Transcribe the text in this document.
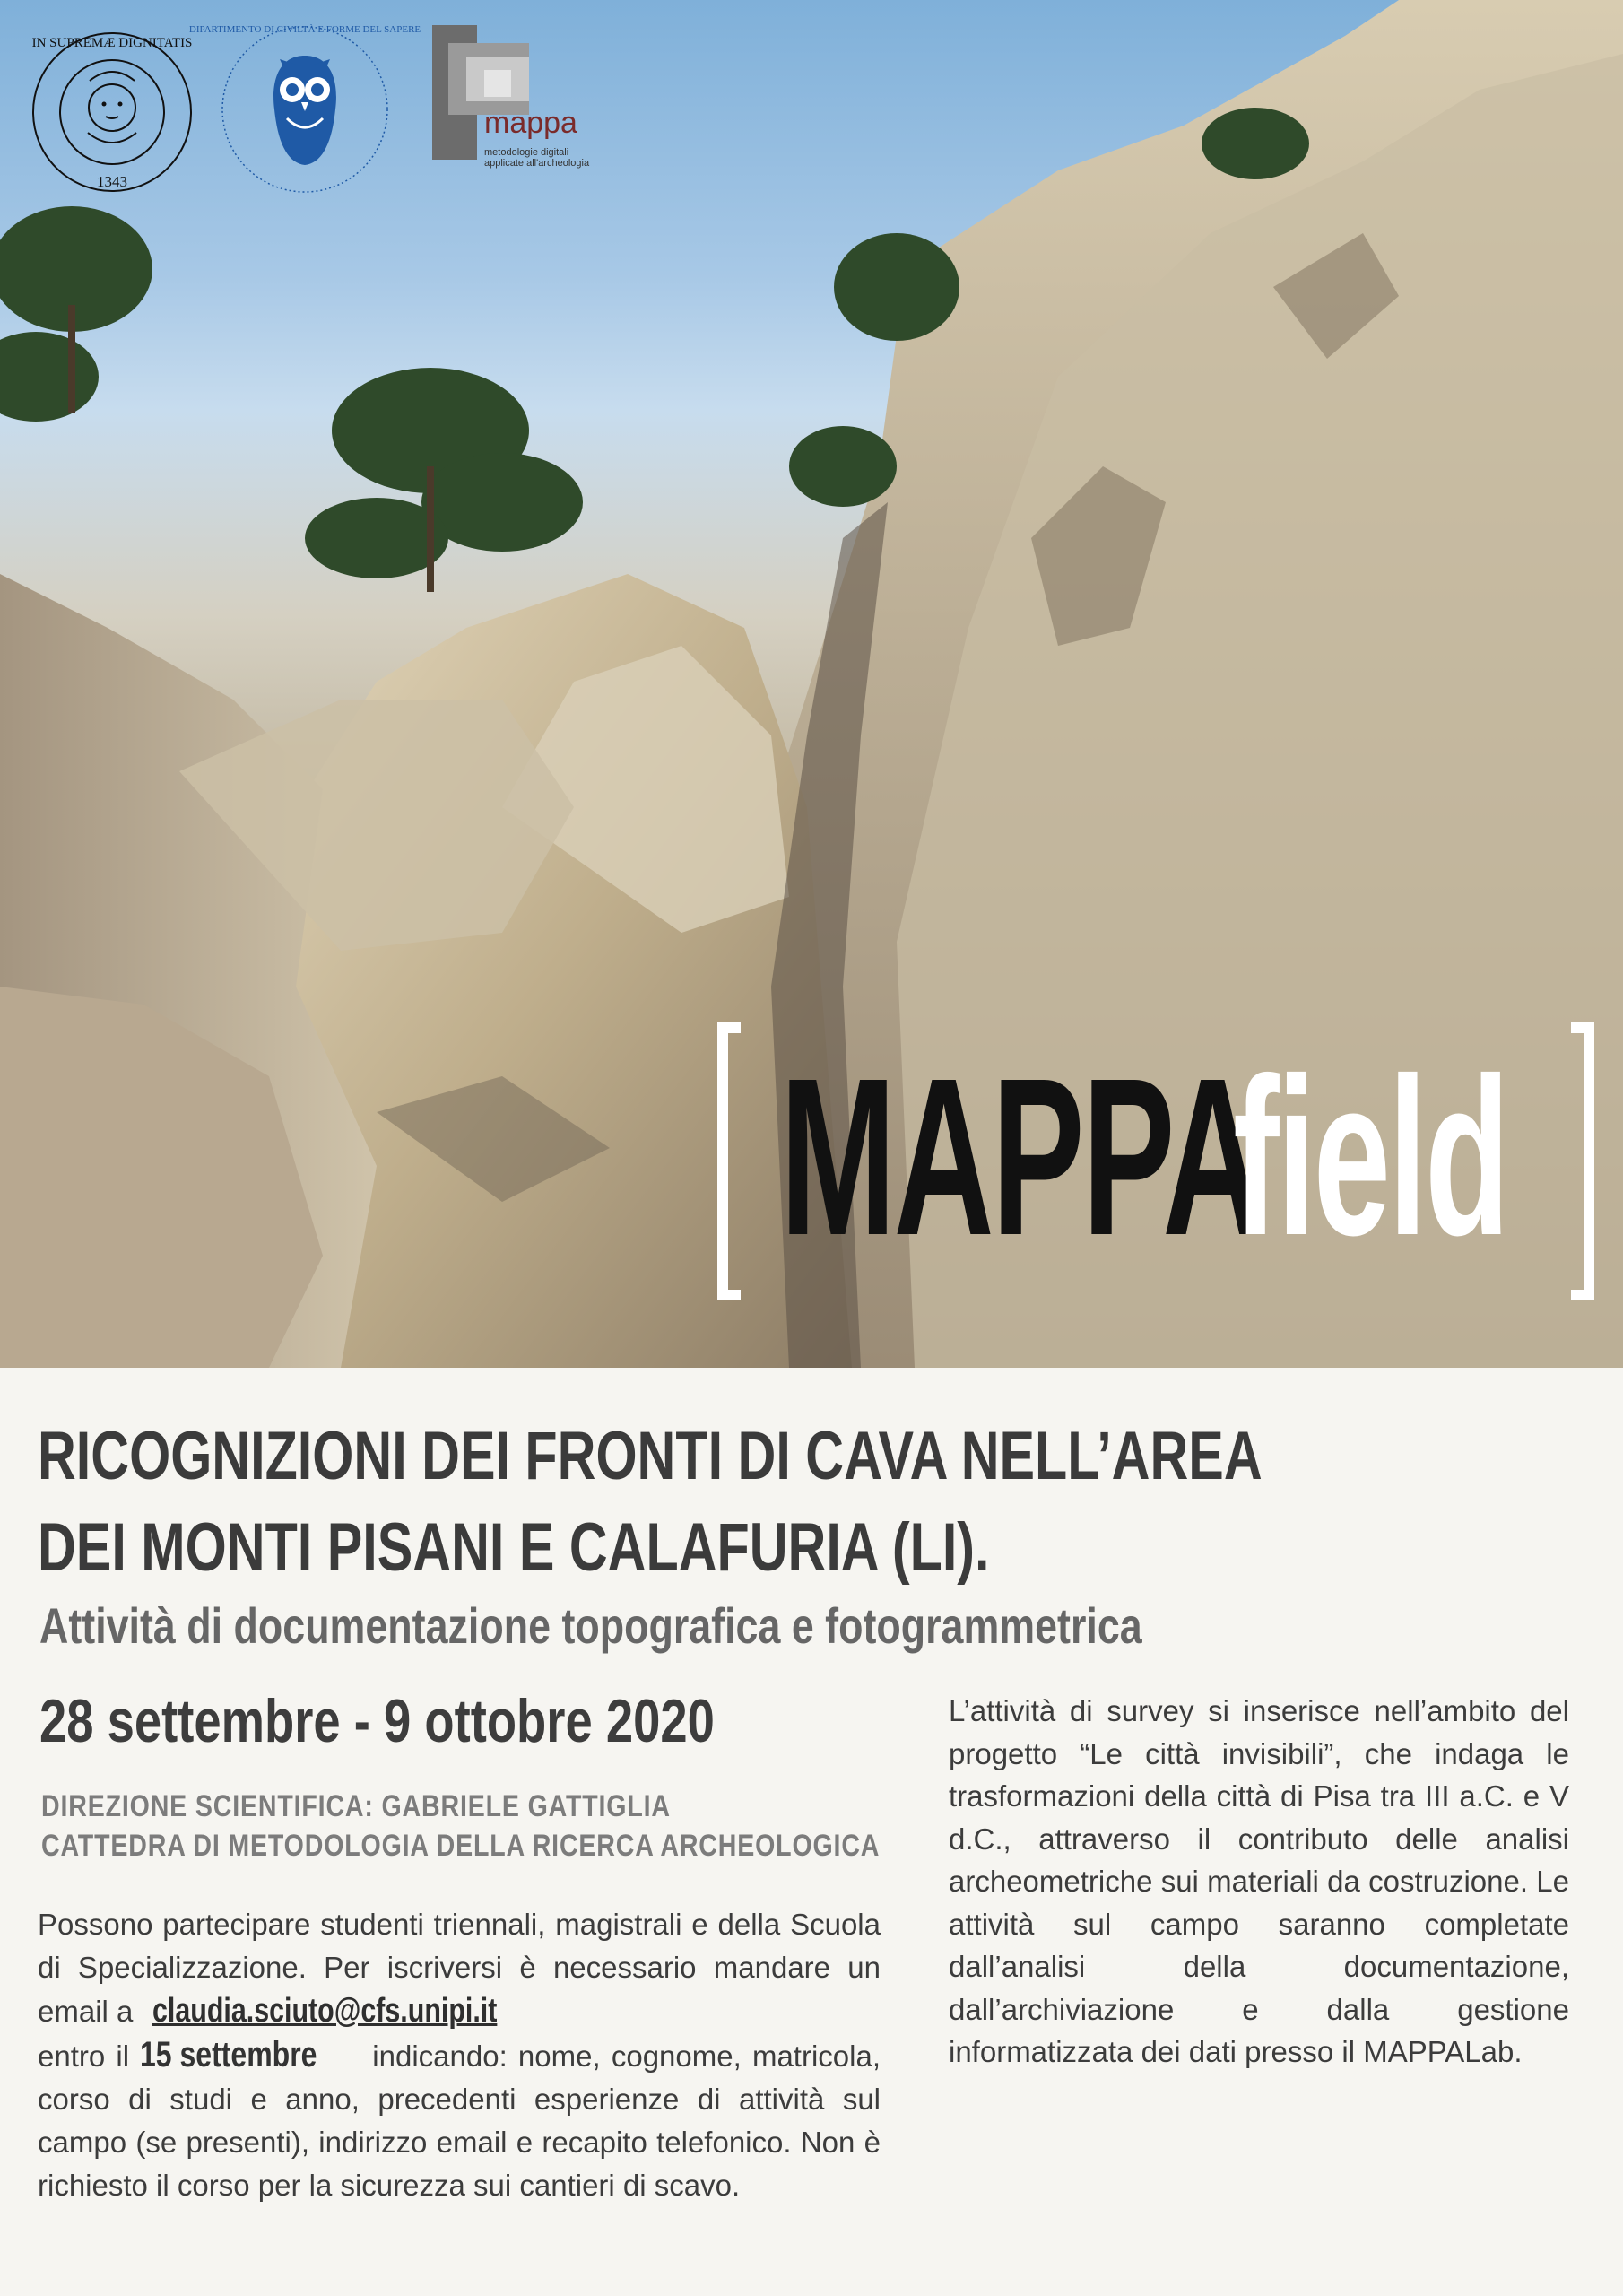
IN SUPREMÆ DIGNITATIS
1343
DIPARTIMENTO DI CIVILTÀ E FORME DEL SAPERE
mappa
metodologie digitali applicate all'archeologia
MAPPA
field
RICOGNIZIONI DEI FRONTI DI CAVA NELL’AREA
DEI MONTI PISANI E CALAFURIA (LI).
Attività di documentazione topografica e fotogrammetrica
28 settembre - 9 ottobre 2020
DIREZIONE SCIENTIFICA: GABRIELE GATTIGLIA
CATTEDRA DI METODOLOGIA DELLA RICERCA ARCHEOLOGICA
Possono partecipare studenti triennali, magistrali e della Scuola di Specializzazione. Per iscriversi è necessario mandare un email a claudia.sciuto@cfs.unipi.it
entro il 15 settembre indicando: nome, cognome, matricola, corso di studi e anno, precedenti esperienze di attività sul campo (se presenti), indirizzo email e recapito telefonico. Non è richiesto il corso per la sicurezza sui cantieri di scavo.
L’attività di survey si inserisce nell’ambito del progetto “Le città invisibili”, che indaga le trasformazioni della città di Pisa tra III a.C. e V d.C., attraverso il contributo delle analisi archeometriche sui materiali da costruzione. Le attività sul campo saranno completate dall’analisi della documentazione, dall’archiviazione e dalla gestione informatizzata dei dati presso il MAPPALab.
